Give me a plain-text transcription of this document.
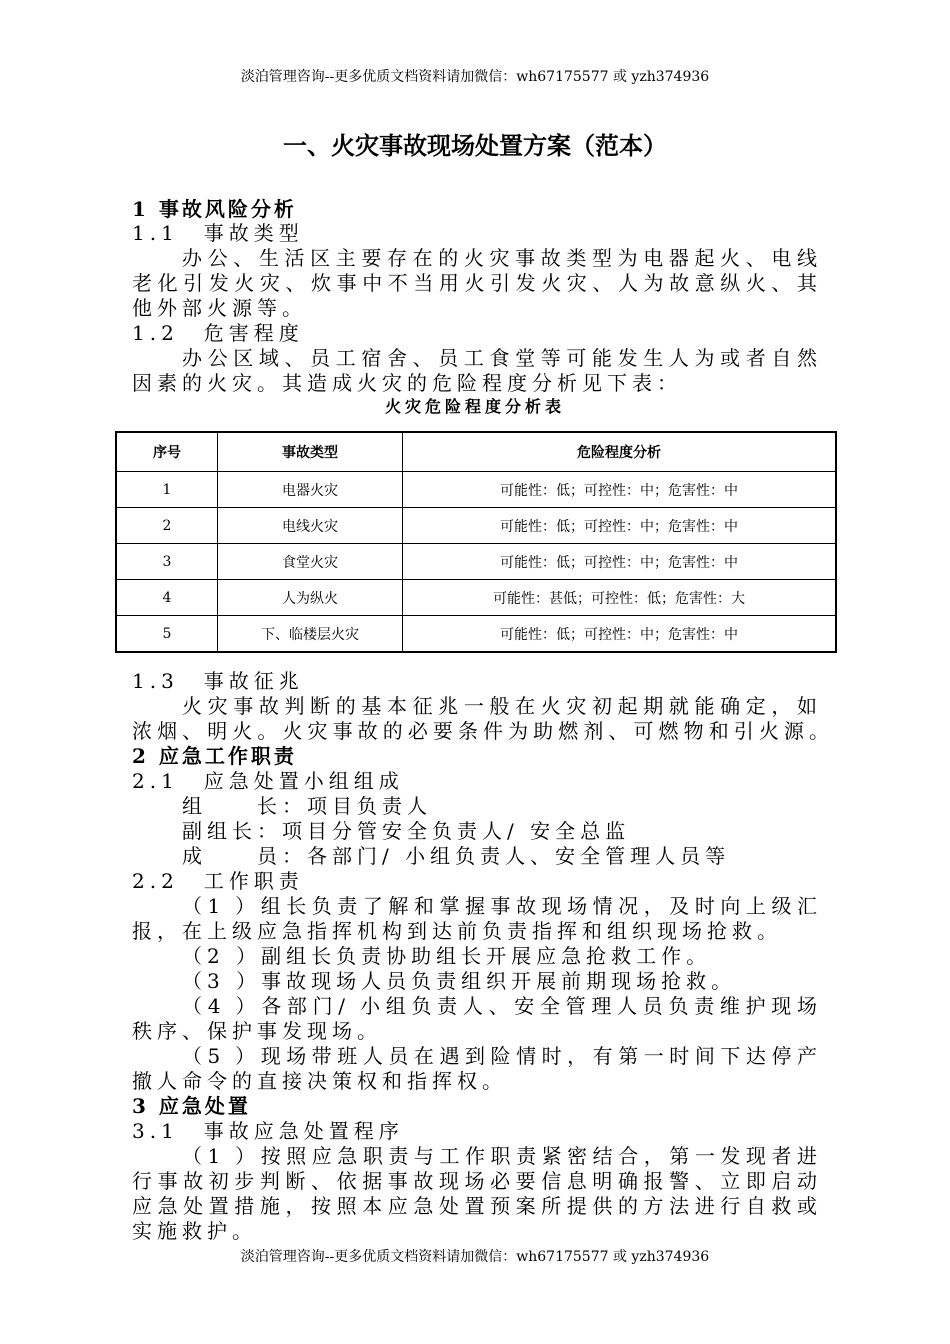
淡泊管理咨询--更多优质文档资料请加微信：wh67175577 或 yzh374936
一、火灾事故现场处置方案（范本）
1 事故风险分析
1.1　事故类型
办公、生活区主要存在的火灾事故类型为电器起火、电线
老化引发火灾、炊事中不当用火引发火灾、人为故意纵火、其
他外部火源等。
1.2　危害程度
办公区域、员工宿舍、员工食堂等可能发生人为或者自然
因素的火灾。其造成火灾的危险程度分析见下表：
火灾危险程度分析表
序号	事故类型	危险程度分析
1	电器火灾	可能性：低；可控性：中；危害性：中
2	电线火灾	可能性：低；可控性：中；危害性：中
3	食堂火灾	可能性：低；可控性：中；危害性：中
4	人为纵火	可能性：甚低；可控性：低；危害性：大
5	下、临楼层火灾	可能性：低；可控性：中；危害性：中
1.3　事故征兆
火灾事故判断的基本征兆一般在火灾初起期就能确定，如
浓烟、明火。火灾事故的必要条件为助燃剂、可燃物和引火源。
2 应急工作职责
2.1　应急处置小组组成
组　　长：项目负责人
副组长：项目分管安全负责人/ 安全总监
成　　员：各部门/ 小组负责人、安全管理人员等
2.2　工作职责
（1 ）组长负责了解和掌握事故现场情况，及时向上级汇
报，在上级应急指挥机构到达前负责指挥和组织现场抢救。
（2 ）副组长负责协助组长开展应急抢救工作。
（3 ）事故现场人员负责组织开展前期现场抢救。
（4 ）各部门/ 小组负责人、安全管理人员负责维护现场
秩序、保护事发现场。
（5 ）现场带班人员在遇到险情时，有第一时间下达停产
撤人命令的直接决策权和指挥权。
3 应急处置
3.1　事故应急处置程序
（1 ）按照应急职责与工作职责紧密结合，第一发现者进
行事故初步判断、依据事故现场必要信息明确报警、立即启动
应急处置措施，按照本应急处置预案所提供的方法进行自救或
实施救护。
淡泊管理咨询--更多优质文档资料请加微信：wh67175577 或 yzh374936
